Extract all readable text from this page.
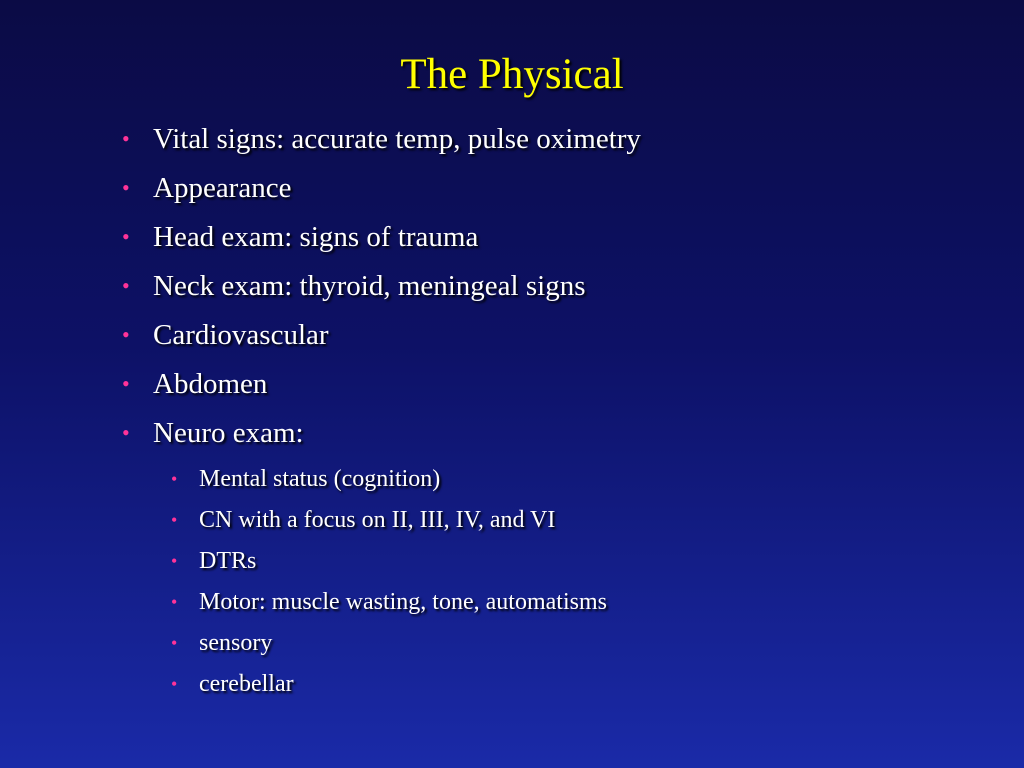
The Physical
• Vital signs: accurate temp, pulse oximetry
• Appearance
• Head exam: signs of trauma
• Neck exam: thyroid, meningeal signs
• Cardiovascular
• Abdomen
• Neuro exam:
• Mental status (cognition)
• CN with a focus on II, III, IV, and VI
• DTRs
• Motor: muscle wasting, tone, automatisms
• sensory
• cerebellar
